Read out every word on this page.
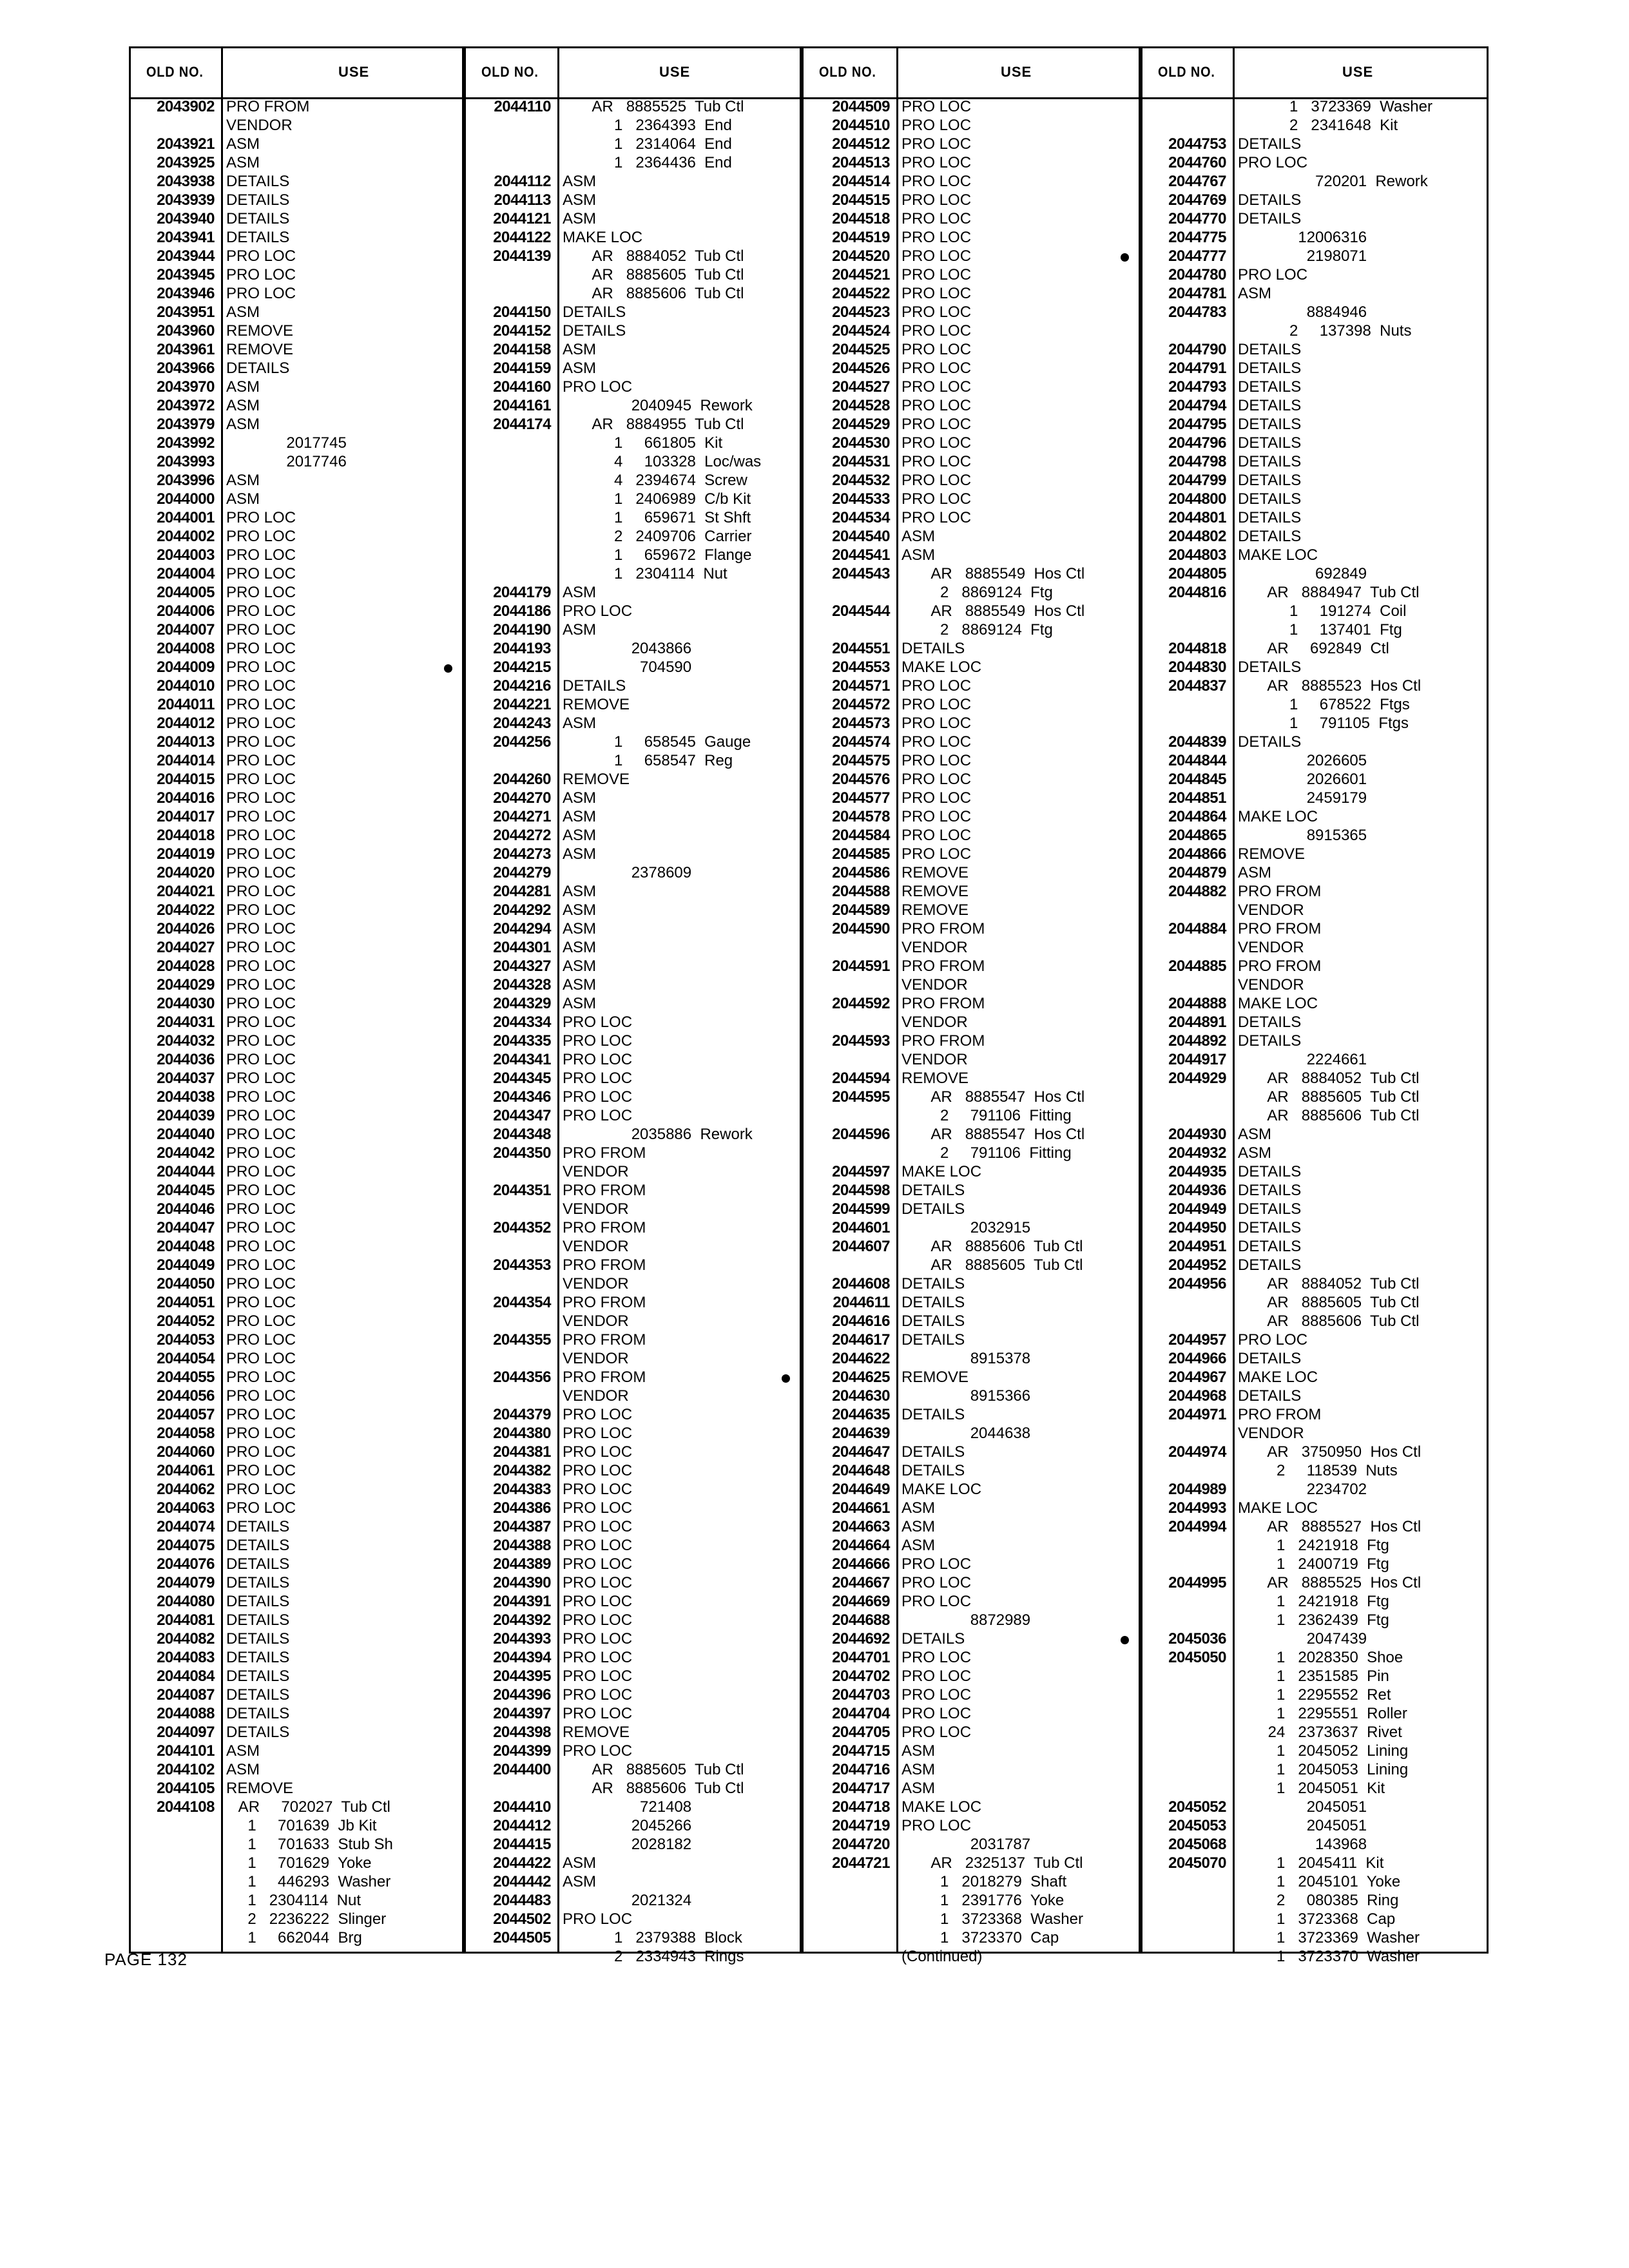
OLD NO.	USE
2043902 PRO FROM
VENDOR
2043921 ASM
2043925 ASM
2043938 DETAILS
2043939 DETAILS
2043940 DETAILS
2043941 DETAILS
2043944 PRO LOC
2043945 PRO LOC
2043946 PRO LOC
2043951 ASM
2043960 REMOVE
2043961 REMOVE
2043966 DETAILS
2043970 ASM
2043972 ASM
2043979 ASM
2043992 2017745
2043993 2017746
2043996 ASM
2044000 ASM
2044001 PRO LOC
2044002 PRO LOC
2044003 PRO LOC
2044004 PRO LOC
2044005 PRO LOC
2044006 PRO LOC
2044007 PRO LOC
2044008 PRO LOC
2044009 PRO LOC
2044010 PRO LOC
2044011 PRO LOC
2044012 PRO LOC
2044013 PRO LOC
2044014 PRO LOC
2044015 PRO LOC
2044016 PRO LOC
2044017 PRO LOC
2044018 PRO LOC
2044019 PRO LOC
2044020 PRO LOC
2044021 PRO LOC
2044022 PRO LOC
2044026 PRO LOC
2044027 PRO LOC
2044028 PRO LOC
2044029 PRO LOC
2044030 PRO LOC
2044031 PRO LOC
2044032 PRO LOC
2044036 PRO LOC
2044037 PRO LOC
2044038 PRO LOC
2044039 PRO LOC
2044040 PRO LOC
2044042 PRO LOC
2044044 PRO LOC
2044045 PRO LOC
2044046 PRO LOC
2044047 PRO LOC
2044048 PRO LOC
2044049 PRO LOC
2044050 PRO LOC
2044051 PRO LOC
2044052 PRO LOC
2044053 PRO LOC
2044054 PRO LOC
2044055 PRO LOC
2044056 PRO LOC
2044057 PRO LOC
2044058 PRO LOC
2044060 PRO LOC
2044061 PRO LOC
2044062 PRO LOC
2044063 PRO LOC
2044074 DETAILS
2044075 DETAILS
2044076 DETAILS
2044079 DETAILS
2044080 DETAILS
2044081 DETAILS
2044082 DETAILS
2044083 DETAILS
2044084 DETAILS
2044087 DETAILS
2044088 DETAILS
2044097 DETAILS
2044101 ASM
2044102 ASM
2044105 REMOVE
2044108 AR     702027  Tub Ctl
1     701639  Jb Kit
1     701633  Stub Sh
1     701629  Yoke
1     446293  Washer
1   2304114  Nut
2   2236222  Slinger
1     662044  Brg
OLD NO.	USE
2044110 AR   8885525  Tub Ctl
1   2364393  End
1   2314064  End
1   2364436  End
2044112 ASM
2044113 ASM
2044121 ASM
2044122 MAKE LOC
2044139 AR   8884052  Tub Ctl
AR   8885605  Tub Ctl
AR   8885606  Tub Ctl
2044150 DETAILS
2044152 DETAILS
2044158 ASM
2044159 ASM
2044160 PRO LOC
2044161 2040945  Rework
2044174 AR   8884955  Tub Ctl
1     661805  Kit
4     103328  Loc/was
4   2394674  Screw
1   2406989  C/b Kit
1     659671  St Shft
2   2409706  Carrier
1     659672  Flange
1   2304114  Nut
2044179 ASM
2044186 PRO LOC
2044190 ASM
2044193 2043866
2044215 704590
2044216 DETAILS
2044221 REMOVE
2044243 ASM
2044256 1     658545  Gauge
1     658547  Reg
2044260 REMOVE
2044270 ASM
2044271 ASM
2044272 ASM
2044273 ASM
2044279 2378609
2044281 ASM
2044292 ASM
2044294 ASM
2044301 ASM
2044327 ASM
2044328 ASM
2044329 ASM
2044334 PRO LOC
2044335 PRO LOC
2044341 PRO LOC
2044345 PRO LOC
2044346 PRO LOC
2044347 PRO LOC
2044348 2035886  Rework
2044350 PRO FROM
VENDOR
2044351 PRO FROM
VENDOR
2044352 PRO FROM
VENDOR
2044353 PRO FROM
VENDOR
2044354 PRO FROM
VENDOR
2044355 PRO FROM
VENDOR
2044356 PRO FROM
VENDOR
2044379 PRO LOC
2044380 PRO LOC
2044381 PRO LOC
2044382 PRO LOC
2044383 PRO LOC
2044386 PRO LOC
2044387 PRO LOC
2044388 PRO LOC
2044389 PRO LOC
2044390 PRO LOC
2044391 PRO LOC
2044392 PRO LOC
2044393 PRO LOC
2044394 PRO LOC
2044395 PRO LOC
2044396 PRO LOC
2044397 PRO LOC
2044398 REMOVE
2044399 PRO LOC
2044400 AR   8885605  Tub Ctl
AR   8885606  Tub Ctl
2044410 721408
2044412 2045266
2044415 2028182
2044422 ASM
2044442 ASM
2044483 2021324
2044502 PRO LOC
2044505 1   2379388  Block
2   2334943  Rings
OLD NO.	USE
2044509 PRO LOC
2044510 PRO LOC
2044512 PRO LOC
2044513 PRO LOC
2044514 PRO LOC
2044515 PRO LOC
2044518 PRO LOC
2044519 PRO LOC
2044520 PRO LOC
2044521 PRO LOC
2044522 PRO LOC
2044523 PRO LOC
2044524 PRO LOC
2044525 PRO LOC
2044526 PRO LOC
2044527 PRO LOC
2044528 PRO LOC
2044529 PRO LOC
2044530 PRO LOC
2044531 PRO LOC
2044532 PRO LOC
2044533 PRO LOC
2044534 PRO LOC
2044540 ASM
2044541 ASM
2044543 AR   8885549  Hos Ctl
2   8869124  Ftg
2044544 AR   8885549  Hos Ctl
2   8869124  Ftg
2044551 DETAILS
2044553 MAKE LOC
2044571 PRO LOC
2044572 PRO LOC
2044573 PRO LOC
2044574 PRO LOC
2044575 PRO LOC
2044576 PRO LOC
2044577 PRO LOC
2044578 PRO LOC
2044584 PRO LOC
2044585 PRO LOC
2044586 REMOVE
2044588 REMOVE
2044589 REMOVE
2044590 PRO FROM
VENDOR
2044591 PRO FROM
VENDOR
2044592 PRO FROM
VENDOR
2044593 PRO FROM
VENDOR
2044594 REMOVE
2044595 AR   8885547  Hos Ctl
2     791106  Fitting
2044596 AR   8885547  Hos Ctl
2     791106  Fitting
2044597 MAKE LOC
2044598 DETAILS
2044599 DETAILS
2044601 2032915
2044607 AR   8885606  Tub Ctl
AR   8885605  Tub Ctl
2044608 DETAILS
2044611 DETAILS
2044616 DETAILS
2044617 DETAILS
2044622 8915378
2044625 REMOVE
2044630 8915366
2044635 DETAILS
2044639 2044638
2044647 DETAILS
2044648 DETAILS
2044649 MAKE LOC
2044661 ASM
2044663 ASM
2044664 ASM
2044666 PRO LOC
2044667 PRO LOC
2044669 PRO LOC
2044688 8872989
2044692 DETAILS
2044701 PRO LOC
2044702 PRO LOC
2044703 PRO LOC
2044704 PRO LOC
2044705 PRO LOC
2044715 ASM
2044716 ASM
2044717 ASM
2044718 MAKE LOC
2044719 PRO LOC
2044720 2031787
2044721 AR   2325137  Tub Ctl
1   2018279  Shaft
1   2391776  Yoke
1   3723368  Washer
1   3723370  Cap
(Continued)
OLD NO.	USE
1   3723369  Washer
2   2341648  Kit
2044753 DETAILS
2044760 PRO LOC
2044767 720201  Rework
2044769 DETAILS
2044770 DETAILS
2044775 12006316
2044777 2198071
2044780 PRO LOC
2044781 ASM
2044783 8884946
2     137398  Nuts
2044790 DETAILS
2044791 DETAILS
2044793 DETAILS
2044794 DETAILS
2044795 DETAILS
2044796 DETAILS
2044798 DETAILS
2044799 DETAILS
2044800 DETAILS
2044801 DETAILS
2044802 DETAILS
2044803 MAKE LOC
2044805 692849
2044816 AR   8884947  Tub Ctl
1     191274  Coil
1     137401  Ftg
2044818 AR     692849  Ctl
2044830 DETAILS
2044837 AR   8885523  Hos Ctl
1     678522  Ftgs
1     791105  Ftgs
2044839 DETAILS
2044844 2026605
2044845 2026601
2044851 2459179
2044864 MAKE LOC
2044865 8915365
2044866 REMOVE
2044879 ASM
2044882 PRO FROM
VENDOR
2044884 PRO FROM
VENDOR
2044885 PRO FROM
VENDOR
2044888 MAKE LOC
2044891 DETAILS
2044892 DETAILS
2044917 2224661
2044929 AR   8884052  Tub Ctl
AR   8885605  Tub Ctl
AR   8885606  Tub Ctl
2044930 ASM
2044932 ASM
2044935 DETAILS
2044936 DETAILS
2044949 DETAILS
2044950 DETAILS
2044951 DETAILS
2044952 DETAILS
2044956 AR   8884052  Tub Ctl
AR   8885605  Tub Ctl
AR   8885606  Tub Ctl
2044957 PRO LOC
2044966 DETAILS
2044967 MAKE LOC
2044968 DETAILS
2044971 PRO FROM
VENDOR
2044974 AR   3750950  Hos Ctl
2     118539  Nuts
2044989 2234702
2044993 MAKE LOC
2044994 AR   8885527  Hos Ctl
1   2421918  Ftg
1   2400719  Ftg
2044995 AR   8885525  Hos Ctl
1   2421918  Ftg
1   2362439  Ftg
2045036 2047439
2045050 1   2028350  Shoe
1   2351585  Pin
1   2295552  Ret
1   2295551  Roller
24   2373637  Rivet
1   2045052  Lining
1   2045053  Lining
1   2045051  Kit
2045052 2045051
2045053 2045051
2045068 143968
2045070 1   2045411  Kit
1   2045101  Yoke
2     080385  Ring
1   3723368  Cap
1   3723369  Washer
1   3723370  Washer
PAGE 132
